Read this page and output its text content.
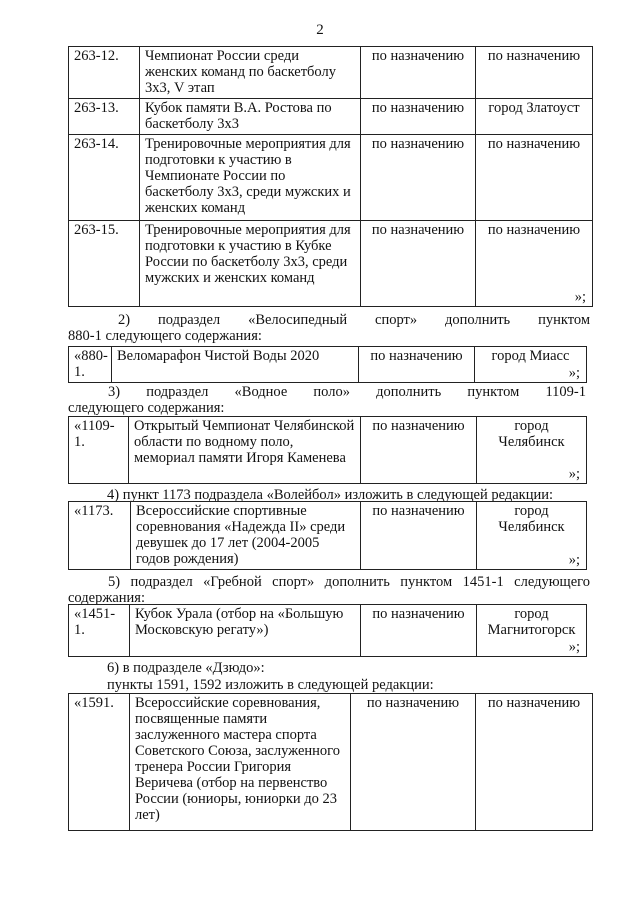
2
263-12.	Чемпионат России среди женских команд по баскетболу 3х3, V этап	по назначению	по назначению
263-13.	Кубок памяти В.А. Ростова по баскетболу 3х3	по назначению	город Златоуст
263-14.	Тренировочные мероприятия для подготовки к участию в Чемпионате России по баскетболу 3х3, среди мужских и женских команд	по назначению	по назначению
263-15.	Тренировочные мероприятия для подготовки к участию в Кубке России по баскетболу 3х3, среди мужских и женских команд	по назначению	по назначению
»;
2) подраздел «Велосипедный спорт» дополнить пунктом
880-1 следующего содержания:
«880-1.	Веломарафон Чистой Воды 2020	по назначению	город Миасс
»;
3) подраздел «Водное поло» дополнить пунктом 1109-1
следующего содержания:
«1109-1.	Открытый Чемпионат Челябинской области по водному поло, мемориал памяти Игоря Каменева	по назначению	город Челябинск
»;
4) пункт 1173 подраздела «Волейбол» изложить в следующей редакции:
«1173.	Всероссийские спортивные соревнования «Надежда II» среди девушек до 17 лет (2004-2005 годов рождения)	по назначению	город Челябинск
»;
5) подраздел «Гребной спорт» дополнить пунктом 1451-1 следующего
содержания:
«1451-1.	Кубок Урала (отбор на «Большую Московскую регату»)	по назначению	город Магнитогорск
»;
6) в подразделе «Дзюдо»:
пункты 1591, 1592 изложить в следующей редакции:
«1591.	Всероссийские соревнования, посвященные памяти заслуженного мастера спорта Советского Союза, заслуженного тренера России Григория Веричева (отбор на первенство России (юниоры, юниорки до 23 лет)	по назначению	по назначению
